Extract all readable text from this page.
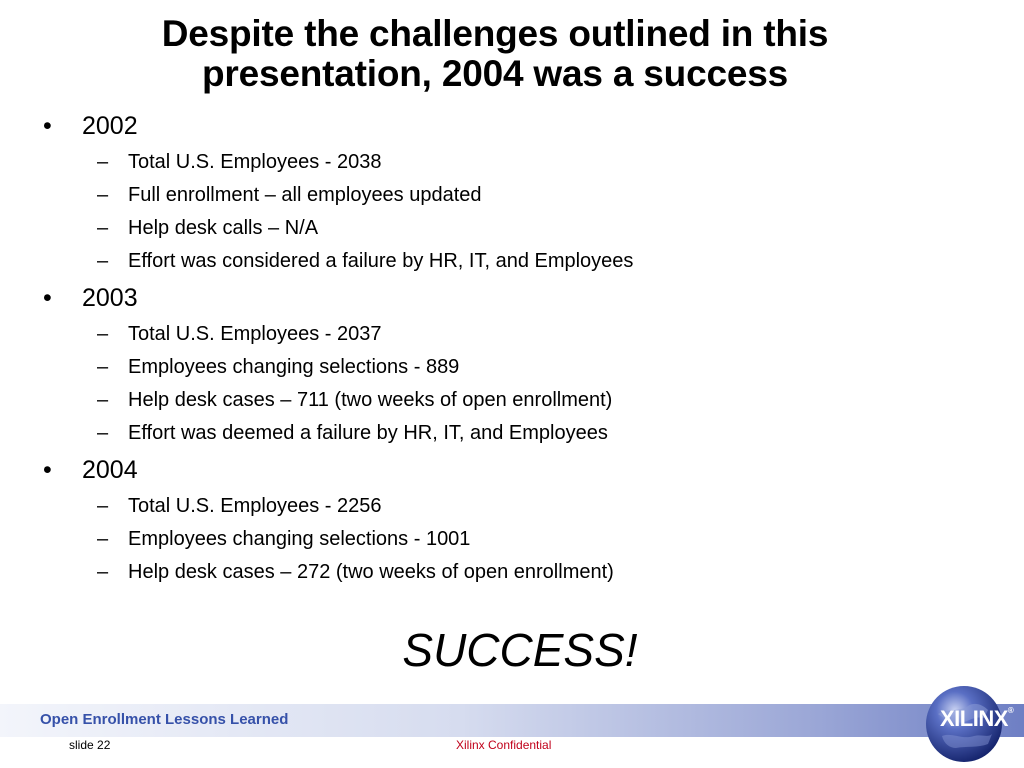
Despite the challenges outlined in this
presentation, 2004 was a success
• 2002
– Total U.S. Employees - 2038
– Full enrollment – all employees updated
– Help desk calls – N/A
– Effort was considered a failure by HR, IT, and Employees
• 2003
– Total U.S. Employees - 2037
– Employees changing selections - 889
– Help desk cases – 711 (two weeks of open enrollment)
– Effort was deemed a failure by HR, IT, and Employees
• 2004
– Total U.S. Employees - 2256
– Employees changing selections - 1001
– Help desk cases – 272 (two weeks of open enrollment)
SUCCESS!
Open Enrollment Lessons Learned
slide 22	Xilinx Confidential
XILINX®
